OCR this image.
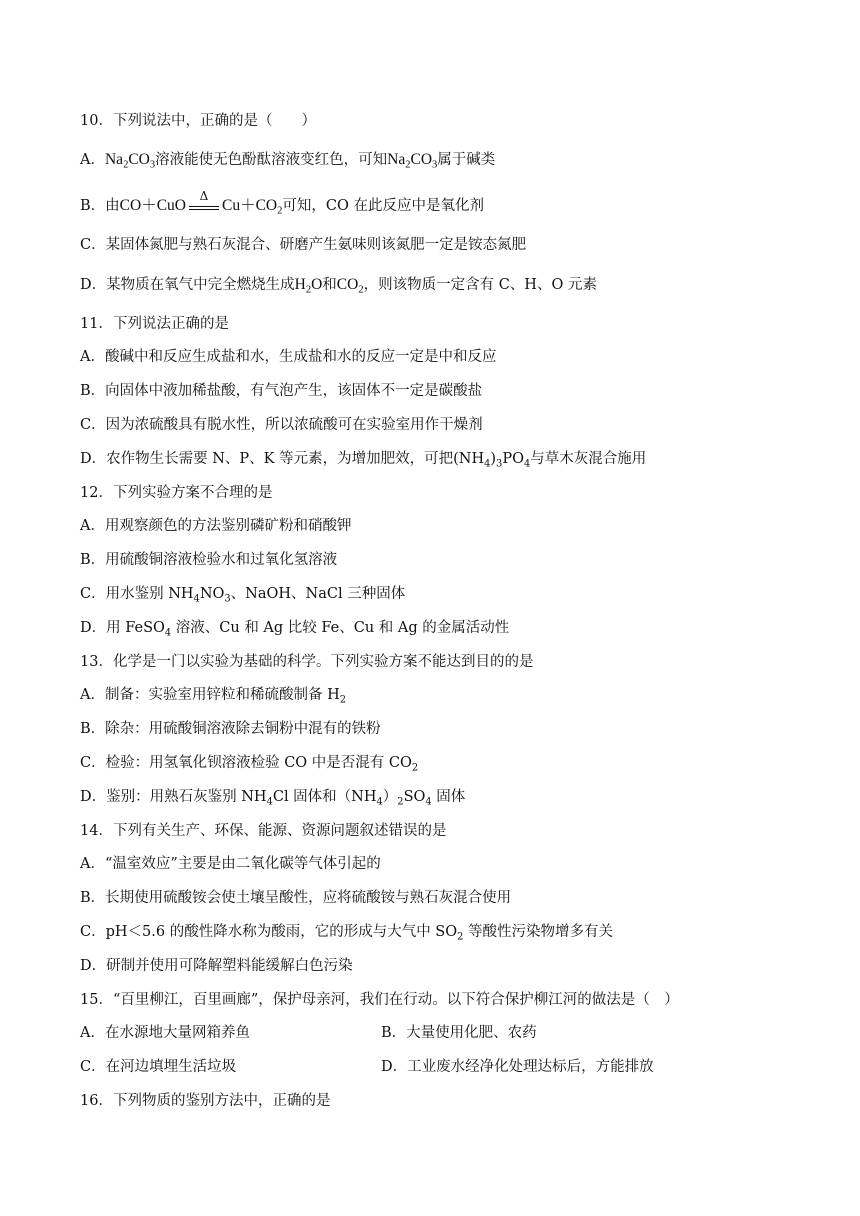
10．下列说法中，正确的是（　　）
A．$Na_2CO_3$溶液能使无色酚酞溶液变红色，可知$Na_2CO_3$属于碱类
B．由CO＋CuO
Δ
$Cu+CO_2$可知，CO 在此反应中是氧化剂
C．某固体氮肥与熟石灰混合、研磨产生氨味则该氮肥一定是铵态氮肥
D．某物质在氧气中完全燃烧生成$H_2O$和$CO_2$，则该物质一定含有 C、H、O 元素
11．下列说法正确的是
A．酸碱中和反应生成盐和水，生成盐和水的反应一定是中和反应
B．向固体中液加稀盐酸，有气泡产生，该固体不一定是碳酸盐
C．因为浓硫酸具有脱水性，所以浓硫酸可在实验室用作干燥剂
D．农作物生长需要 N、P、K 等元素，为增加肥效，可把$(NH_4)_3PO_4$与草木灰混合施用
12．下列实验方案不合理的是
A．用观察颜色的方法鉴别磷矿粉和硝酸钾
B．用硫酸铜溶液检验水和过氧化氢溶液
C．用水鉴别 $NH_4NO_3$、NaOH、NaCl 三种固体
D．用 FeSO$_4$ 溶液、Cu 和 Ag 比较 Fe、Cu 和 Ag 的金属活动性
13．化学是一门以实验为基础的科学。下列实验方案不能达到目的的是
A．制备：实验室用锌粒和稀硫酸制备 $H_2$
B．除杂：用硫酸铜溶液除去铜粉中混有的铁粉
C．检验：用氢氧化钡溶液检验 CO 中是否混有 $CO_2$
D．鉴别：用熟石灰鉴别 $NH_4Cl$ 固体和$(NH_4)_2SO_4$ 固体
14．下列有关生产、环保、能源、资源问题叙述错误的是
A．“温室效应”主要是由二氧化碳等气体引起的
B．长期使用硫酸铵会使土壤呈酸性，应将硫酸铵与熟石灰混合使用
C．pH＜5.6 的酸性降水称为酸雨，它的形成与大气中 $SO_2$ 等酸性污染物增多有关
D．研制并使用可降解塑料能缓解白色污染
15．“百里柳江，百里画廊”，保护母亲河，我们在行动。以下符合保护柳江河的做法是（　）
A．在水源地大量网箱养鱼	B．大量使用化肥、农药
C．在河边填埋生活垃圾	D．工业废水经净化处理达标后，方能排放
16．下列物质的鉴别方法中，正确的是
